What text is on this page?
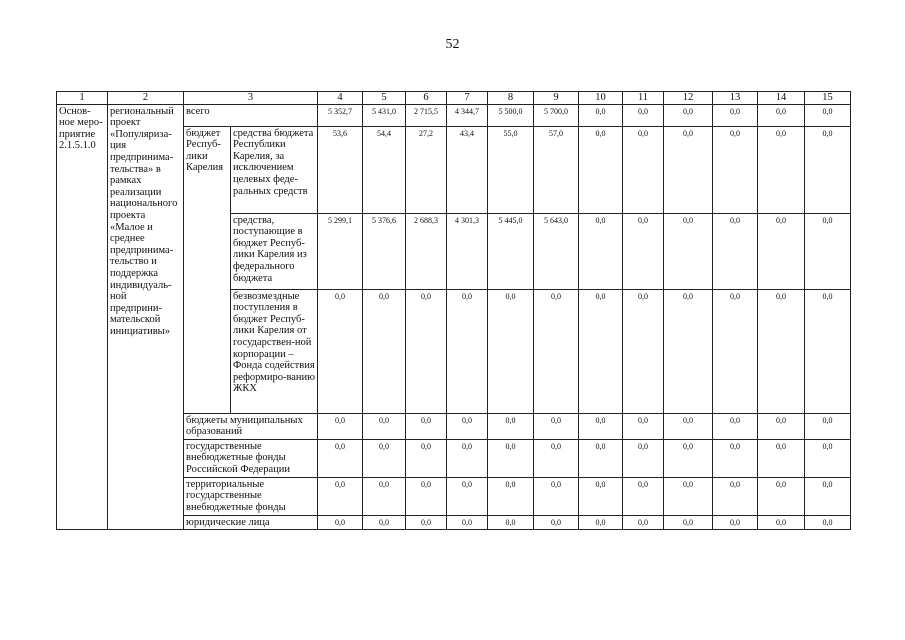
52
1	2	3		4	5	6	7	8	9	10	11	12	13	14	15
Основ-ное меро-приятие 2.1.5.1.0	региональный проект «Популяриза-ция предпринима-тельства» в рамках реализации национального проекта «Малое и среднее предпринима-тельство и поддержка индивидуаль-ной предприни-мательской инициативы»	всего		5 352,7	5 431,0	2 715,5	4 344,7	5 500,0	5 700,0	0,0	0,0	0,0	0,0	0,0	0,0
		бюджет Респуб-лики Карелия	средства бюджета Республики Карелия, за исключением целевых феде-ральных средств	53,6	54,4	27,2	43,4	55,0	57,0	0,0	0,0	0,0	0,0	0,0	0,0
			средства, поступающие в бюджет Респуб-лики Карелия из федерального бюджета	5 299,1	5 376,6	2 688,3	4 301,3	5 445,0	5 643,0	0,0	0,0	0,0	0,0	0,0	0,0
			безвозмездные поступления в бюджет Респуб-лики Карелия от государствен-ной корпорации – Фонда содействия реформиро-ванию ЖКХ	0,0	0,0	0,0	0,0	0,0	0,0	0,0	0,0	0,0	0,0	0,0	0,0
		бюджеты муниципальных образований		0,0	0,0	0,0	0,0	0,0	0,0	0,0	0,0	0,0	0,0	0,0	0,0
		государственные внебюджетные фонды Российской Федерации		0,0	0,0	0,0	0,0	0,0	0,0	0,0	0,0	0,0	0,0	0,0	0,0
		территориальные государственные внебюджетные фонды		0,0	0,0	0,0	0,0	0,0	0,0	0,0	0,0	0,0	0,0	0,0	0,0
		юридические лица		0,0	0,0	0,0	0,0	0,0	0,0	0,0	0,0	0,0	0,0	0,0	0,0
